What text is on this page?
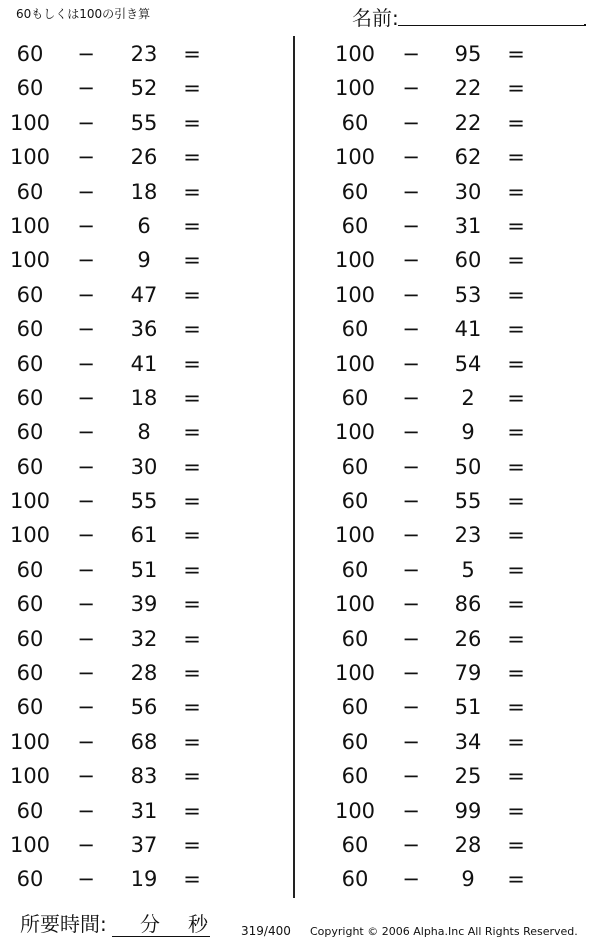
60もしくは100の引き算	名前:
60	−	23	=
60	−	52	=
100	−	55	=
100	−	26	=
60	−	18	=
100	−	6	=
100	−	9	=
60	−	47	=
60	−	36	=
60	−	41	=
60	−	18	=
60	−	8	=
60	−	30	=
100	−	55	=
100	−	61	=
60	−	51	=
60	−	39	=
60	−	32	=
60	−	28	=
60	−	56	=
100	−	68	=
100	−	83	=
60	−	31	=
100	−	37	=
60	−	19	=
100	−	95	=
100	−	22	=
60	−	22	=
100	−	62	=
60	−	30	=
60	−	31	=
100	−	60	=
100	−	53	=
60	−	41	=
100	−	54	=
60	−	2	=
100	−	9	=
60	−	50	=
60	−	55	=
100	−	23	=
60	−	5	=
100	−	86	=
60	−	26	=
100	−	79	=
60	−	51	=
60	−	34	=
60	−	25	=
100	−	99	=
60	−	28	=
60	−	9	=
所要時間: 分 秒	319/400 Copyright © 2006 Alpha.Inc All Rights Reserved.
